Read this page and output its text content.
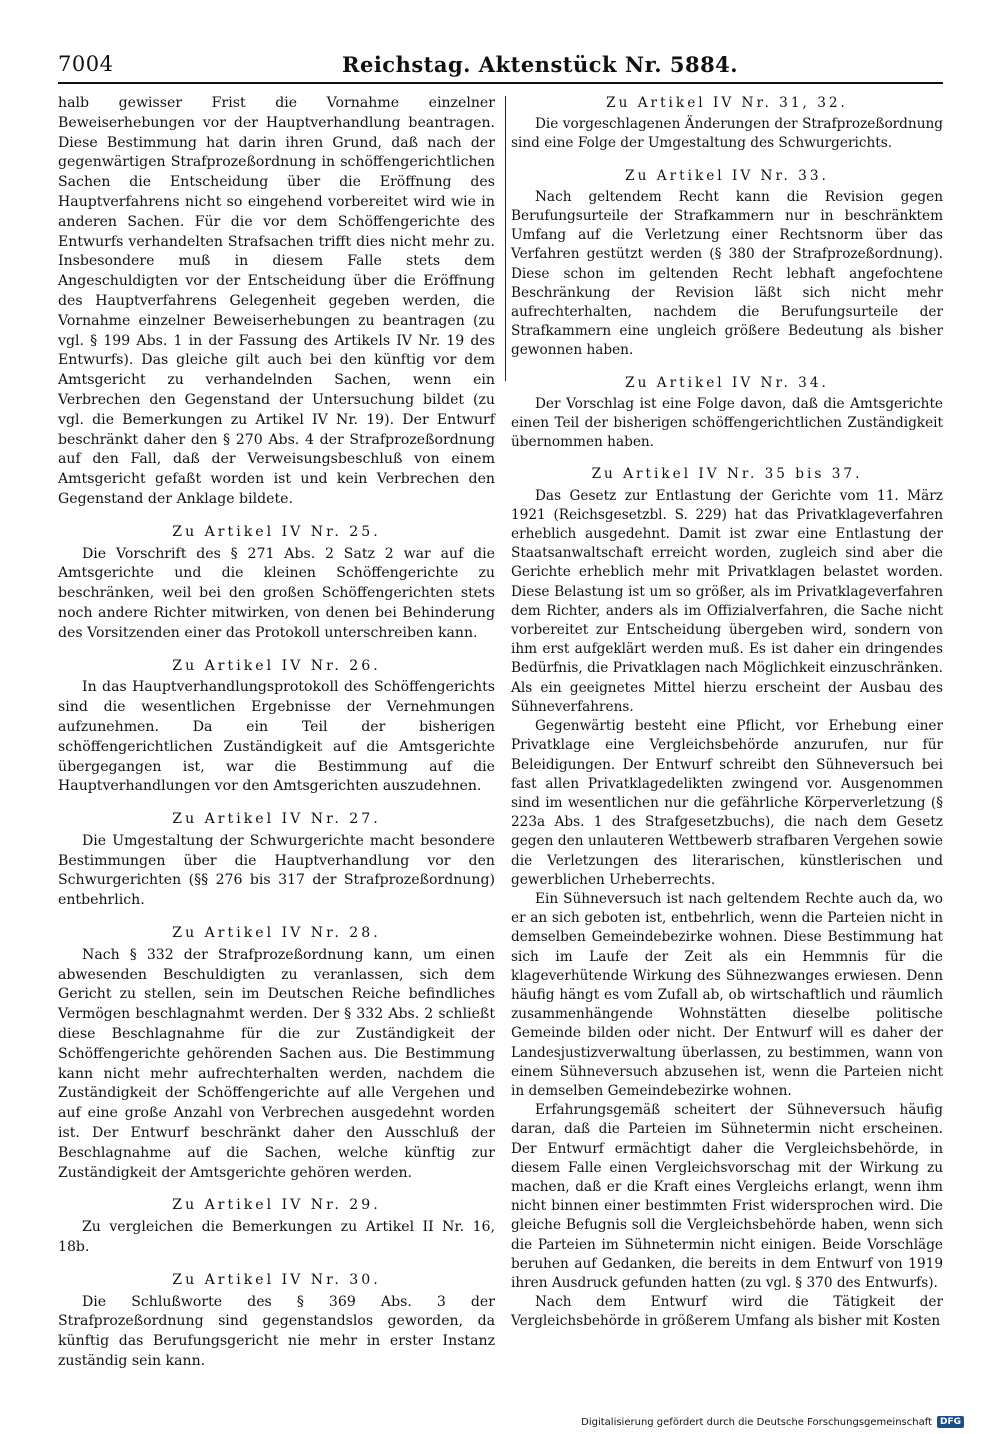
7004	Reichstag. Aktenstück Nr. 5884.

halb gewisser Frist die Vornahme einzelner Beweiserhebungen vor der Hauptverhandlung beantragen. Diese Bestimmung hat darin ihren Grund, daß nach der gegenwärtigen Strafprozeßordnung in schöffengerichtlichen Sachen die Entscheidung über die Eröffnung des Hauptverfahrens nicht so eingehend vorbereitet wird wie in anderen Sachen. Für die vor dem Schöffengerichte des Entwurfs verhandelten Strafsachen trifft dies nicht mehr zu. Insbesondere muß in diesem Falle stets dem Angeschuldigten vor der Entscheidung über die Eröffnung des Hauptverfahrens Gelegenheit gegeben werden, die Vornahme einzelner Beweiserhebungen zu beantragen (zu vgl. § 199 Abs. 1 in der Fassung des Artikels IV Nr. 19 des Entwurfs). Das gleiche gilt auch bei den künftig vor dem Amtsgericht zu verhandelnden Sachen, wenn ein Verbrechen den Gegenstand der Untersuchung bildet (zu vgl. die Bemerkungen zu Artikel IV Nr. 19). Der Entwurf beschränkt daher den § 270 Abs. 4 der Strafprozeßordnung auf den Fall, daß der Verweisungsbeschluß von einem Amtsgericht gefaßt worden ist und kein Verbrechen den Gegenstand der Anklage bildete.

Zu Artikel IV Nr. 25.

Die Vorschrift des § 271 Abs. 2 Satz 2 war auf die Amtsgerichte und die kleinen Schöffengerichte zu beschränken, weil bei den großen Schöffengerichten stets noch andere Richter mitwirken, von denen bei Behinderung des Vorsitzenden einer das Protokoll unterschreiben kann.

Zu Artikel IV Nr. 26.

In das Hauptverhandlungsprotokoll des Schöffengerichts sind die wesentlichen Ergebnisse der Vernehmungen aufzunehmen. Da ein Teil der bisherigen schöffengerichtlichen Zuständigkeit auf die Amtsgerichte übergegangen ist, war die Bestimmung auf die Hauptverhandlungen vor den Amtsgerichten auszudehnen.

Zu Artikel IV Nr. 27.

Die Umgestaltung der Schwurgerichte macht besondere Bestimmungen über die Hauptverhandlung vor den Schwurgerichten (§§ 276 bis 317 der Strafprozeßordnung) entbehrlich.

Zu Artikel IV Nr. 28.

Nach § 332 der Strafprozeßordnung kann, um einen abwesenden Beschuldigten zu veranlassen, sich dem Gericht zu stellen, sein im Deutschen Reiche befindliches Vermögen beschlagnahmt werden. Der § 332 Abs. 2 schließt diese Beschlagnahme für die zur Zuständigkeit der Schöffengerichte gehörenden Sachen aus. Die Bestimmung kann nicht mehr aufrechterhalten werden, nachdem die Zuständigkeit der Schöffengerichte auf alle Vergehen und auf eine große Anzahl von Verbrechen ausgedehnt worden ist. Der Entwurf beschränkt daher den Ausschluß der Beschlagnahme auf die Sachen, welche künftig zur Zuständigkeit der Amtsgerichte gehören werden.

Zu Artikel IV Nr. 29.

Zu vergleichen die Bemerkungen zu Artikel II Nr. 16, 18b.

Zu Artikel IV Nr. 30.

Die Schlußworte des § 369 Abs. 3 der Strafprozeßordnung sind gegenstandslos geworden, da künftig das Berufungsgericht nie mehr in erster Instanz zuständig sein kann.

Zu Artikel IV Nr. 31, 32.

Die vorgeschlagenen Änderungen der Strafprozeßordnung sind eine Folge der Umgestaltung des Schwurgerichts.

Zu Artikel IV Nr. 33.

Nach geltendem Recht kann die Revision gegen Berufungsurteile der Strafkammern nur in beschränktem Umfang auf die Verletzung einer Rechtsnorm über das Verfahren gestützt werden (§ 380 der Strafprozeßordnung). Diese schon im geltenden Recht lebhaft angefochtene Beschränkung der Revision läßt sich nicht mehr aufrechterhalten, nachdem die Berufungsurteile der Strafkammern eine ungleich größere Bedeutung als bisher gewonnen haben.

Zu Artikel IV Nr. 34.

Der Vorschlag ist eine Folge davon, daß die Amtsgerichte einen Teil der bisherigen schöffengerichtlichen Zuständigkeit übernommen haben.

Zu Artikel IV Nr. 35 bis 37.

Das Gesetz zur Entlastung der Gerichte vom 11. März 1921 (Reichsgesetzbl. S. 229) hat das Privatklageverfahren erheblich ausgedehnt. Damit ist zwar eine Entlastung der Staatsanwaltschaft erreicht worden, zugleich sind aber die Gerichte erheblich mehr mit Privatklagen belastet worden. Diese Belastung ist um so größer, als im Privatklageverfahren dem Richter, anders als im Offizialverfahren, die Sache nicht vorbereitet zur Entscheidung übergeben wird, sondern von ihm erst aufgeklärt werden muß. Es ist daher ein dringendes Bedürfnis, die Privatklagen nach Möglichkeit einzuschränken. Als ein geeignetes Mittel hierzu erscheint der Ausbau des Sühneverfahrens.

Gegenwärtig besteht eine Pflicht, vor Erhebung einer Privatklage eine Vergleichsbehörde anzurufen, nur für Beleidigungen. Der Entwurf schreibt den Sühneversuch bei fast allen Privatklagedelikten zwingend vor. Ausgenommen sind im wesentlichen nur die gefährliche Körperverletzung (§ 223a Abs. 1 des Strafgesetzbuchs), die nach dem Gesetz gegen den unlauteren Wettbewerb strafbaren Vergehen sowie die Verletzungen des literarischen, künstlerischen und gewerblichen Urheberrechts.

Ein Sühneversuch ist nach geltendem Rechte auch da, wo er an sich geboten ist, entbehrlich, wenn die Parteien nicht in demselben Gemeindebezirke wohnen. Diese Bestimmung hat sich im Laufe der Zeit als ein Hemmnis für die klageverhütende Wirkung des Sühnezwanges erwiesen. Denn häufig hängt es vom Zufall ab, ob wirtschaftlich und räumlich zusammenhängende Wohnstätten dieselbe politische Gemeinde bilden oder nicht. Der Entwurf will es daher der Landesjustizverwaltung überlassen, zu bestimmen, wann von einem Sühneversuch abzusehen ist, wenn die Parteien nicht in demselben Gemeindebezirke wohnen.

Erfahrungsgemäß scheitert der Sühneversuch häufig daran, daß die Parteien im Sühnetermin nicht erscheinen. Der Entwurf ermächtigt daher die Vergleichsbehörde, in diesem Falle einen Vergleichsvorschag mit der Wirkung zu machen, daß er die Kraft eines Vergleichs erlangt, wenn ihm nicht binnen einer bestimmten Frist widersprochen wird. Die gleiche Befugnis soll die Vergleichsbehörde haben, wenn sich die Parteien im Sühnetermin nicht einigen. Beide Vorschläge beruhen auf Gedanken, die bereits in dem Entwurf von 1919 ihren Ausdruck gefunden hatten (zu vgl. § 370 des Entwurfs).

Nach dem Entwurf wird die Tätigkeit der Vergleichsbehörde in größerem Umfang als bisher mit Kosten

Digitalisierung gefördert durch die Deutsche Forschungsgemeinschaft DFG
